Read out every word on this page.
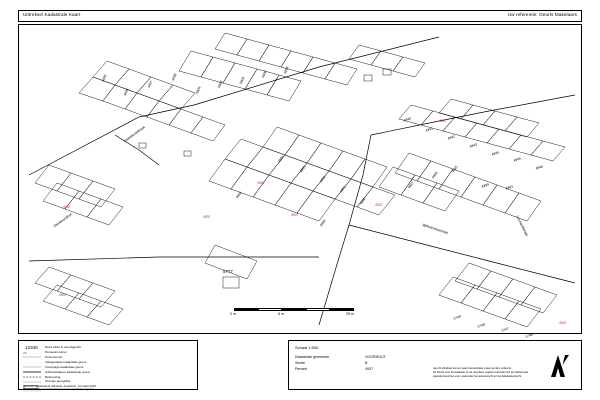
Uittreksel Kadastrale Kaart	Uw referentie: Geurts Makelaars
Sweelinckstraat
Deelmondhof
Wilhelminastraat	Leonardstraat
4940
4941
4942
4943
4944
4945
4946
5003
5002	5001
5000	4999
4998
4997
4996
4995
4994
4993
4992
4991
4990
4989
4988
4987
4986
4985
4984	4983
5749
5748
5747
5746
5777
4937
4937
4937
4937
4937
4937
4937
4937
0 m	5 m	25 m
12345 Deze kaart is noordgericht
25	Perceelnummer
Huisnummer
Vastgestelde kadastrale grens
Voorlopige kadastrale grens
Administratieve kadastrale grens
Bebouwing
Overige topografie
Voor een eensluidend uittreksel, Apeldoorn, 14 maart 2018
De bronvan de van het kadaster en de openbare registers
Schaal 1:500
Kadastrale gemeente	VOORHOUT
Sectie	B
Perceel	4937	Aan dit uittreksel kunnen geen betrouwbare maten worden ontleend.
De Dienst voor het kadaster en de openbare registers behoudt zich de intellectuele
eigendomsrechten voor, waaronder het auteursrecht en het databankenrecht.
